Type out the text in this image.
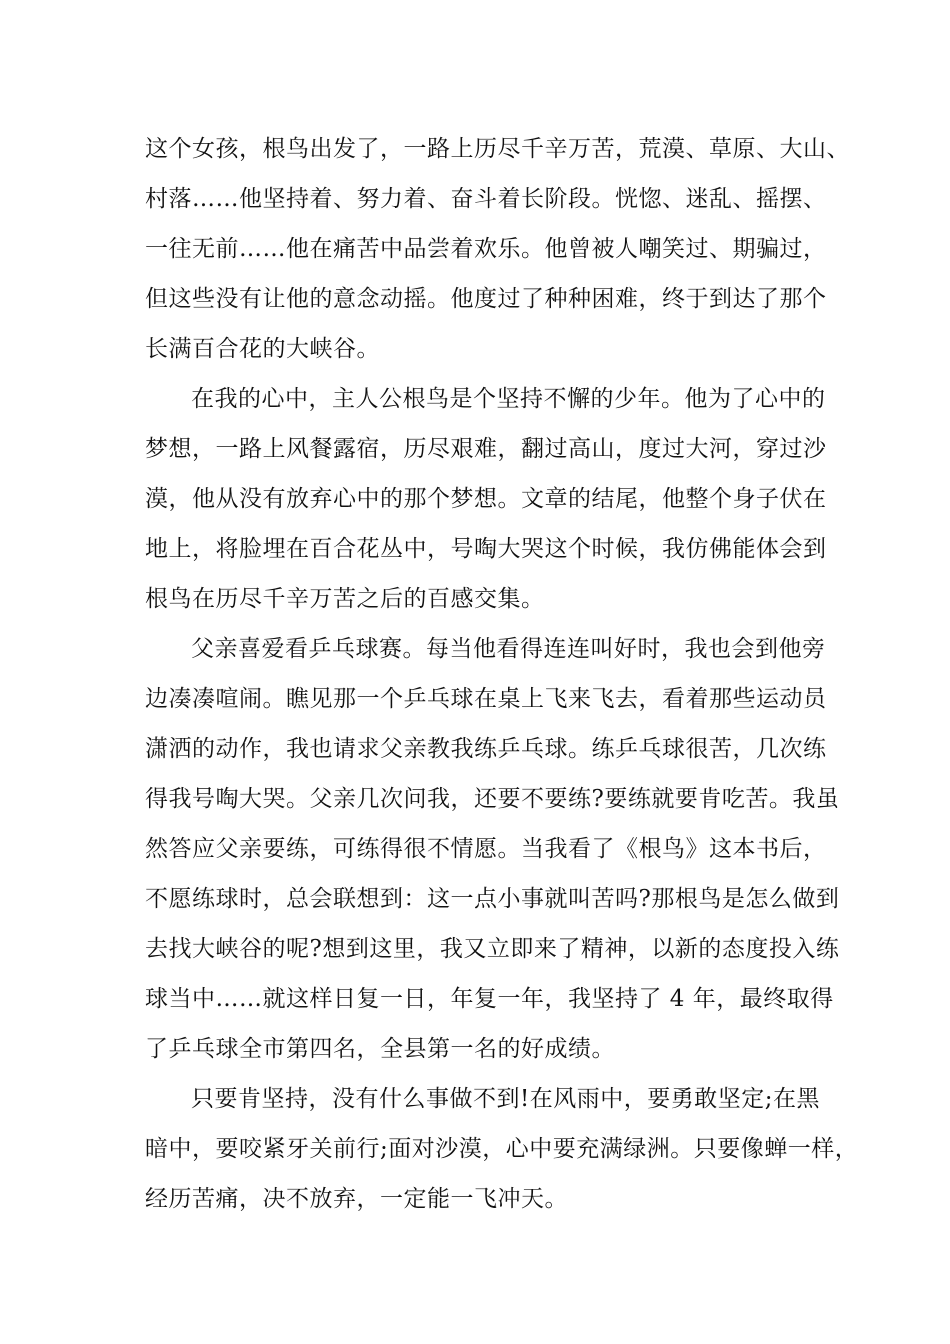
这个女孩，根鸟出发了，一路上历尽千辛万苦，荒漠、草原、大山、
村落……他坚持着、努力着、奋斗着长阶段。恍惚、迷乱、摇摆、
一往无前……他在痛苦中品尝着欢乐。他曾被人嘲笑过、期骗过，
但这些没有让他的意念动摇。他度过了种种困难，终于到达了那个
长满百合花的大峡谷。
在我的心中，主人公根鸟是个坚持不懈的少年。他为了心中的
梦想，一路上风餐露宿，历尽艰难，翻过高山，度过大河，穿过沙
漠，他从没有放弃心中的那个梦想。文章的结尾，他整个身子伏在
地上，将脸埋在百合花丛中，号啕大哭这个时候，我仿佛能体会到
根鸟在历尽千辛万苦之后的百感交集。
父亲喜爱看乒乓球赛。每当他看得连连叫好时，我也会到他旁
边凑凑喧闹。瞧见那一个乒乓球在桌上飞来飞去，看着那些运动员
潇洒的动作，我也请求父亲教我练乒乓球。练乒乓球很苦，几次练
得我号啕大哭。父亲几次问我，还要不要练?要练就要肯吃苦。我虽
然答应父亲要练，可练得很不情愿。当我看了《根鸟》这本书后，
不愿练球时，总会联想到：这一点小事就叫苦吗?那根鸟是怎么做到
去找大峡谷的呢?想到这里，我又立即来了精神，以新的态度投入练
球当中……就这样日复一日，年复一年，我坚持了 4 年，最终取得
了乒乓球全市第四名，全县第一名的好成绩。
只要肯坚持，没有什么事做不到!在风雨中，要勇敢坚定;在黑
暗中，要咬紧牙关前行;面对沙漠，心中要充满绿洲。只要像蝉一样，
经历苦痛，决不放弃，一定能一飞冲天。
